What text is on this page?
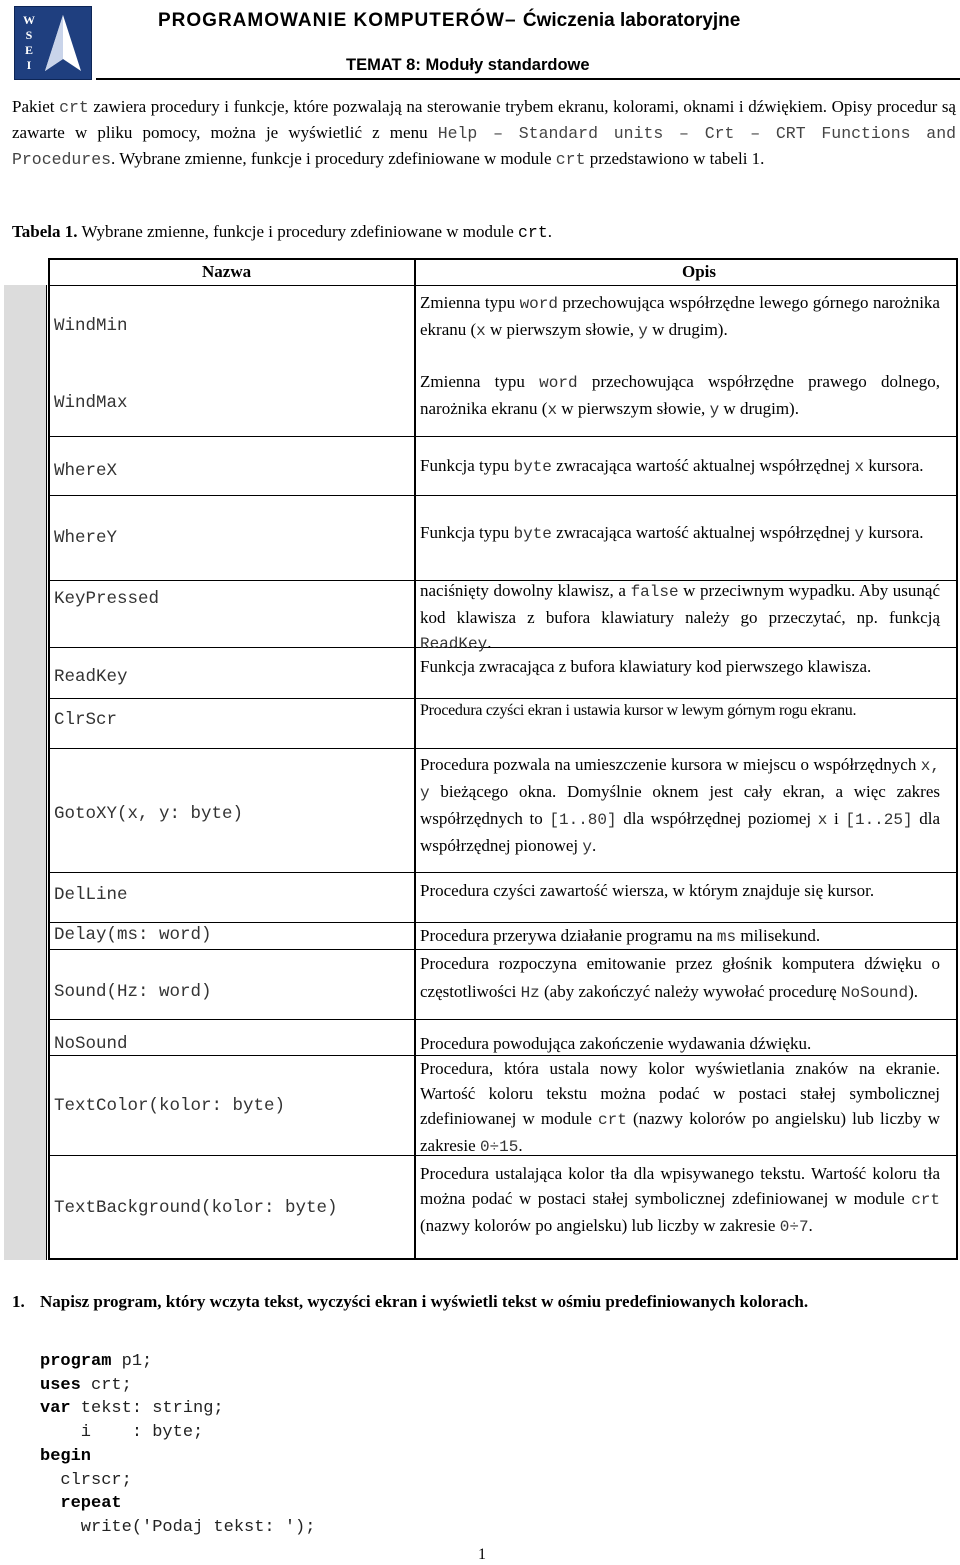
W
S
E
I
PROGRAMOWANIE KOMPUTERÓW– Ćwiczenia laboratoryjne
TEMAT 8: Moduły standardowe
Pakiet crt zawiera procedury i funkcje, które pozwalają na sterowanie trybem ekranu, kolorami, oknami i dźwiękiem. Opisy procedur są zawarte w pliku pomocy, można je wyświetlić z menu Help – Standard units – Crt – CRT Functions and Procedures. Wybrane zmienne, funkcje i procedury zdefiniowane w module crt przedstawiono w tabeli 1.
Tabela 1. Wybrane zmienne, funkcje i procedury zdefiniowane w module crt.
Nazwa	Opis
WindMin
WindMax
WhereX
WhereY
KeyPressed
ReadKey
ClrScr
GotoXY(x, y: byte)
DelLine
Delay(ms: word)
Sound(Hz: word)
NoSound
TextColor(kolor: byte)
TextBackground(kolor: byte)
Zmienna typu word przechowująca współrzędne lewego górnego narożnika ekranu (x w pierwszym słowie, y w drugim).
Zmienna typu word przechowująca współrzędne prawego dolnego, narożnika ekranu (x w pierwszym słowie, y w drugim).
Funkcja typu byte zwracająca wartość aktualnej współrzędnej x kursora.
Funkcja typu byte zwracająca wartość aktualnej współrzędnej y kursora.
naciśnięty dowolny klawisz, a false w przeciwnym wypadku. Aby usunąć kod klawisza z bufora klawiatury należy go przeczytać, np. funkcją ReadKey.
Funkcja zwracająca z bufora klawiatury kod pierwszego klawisza.
Procedura czyści ekran i ustawia kursor w lewym górnym rogu ekranu.
Procedura pozwala na umieszczenie kursora w miejscu o współrzędnych x, y bieżącego okna. Domyślnie oknem jest cały ekran, a więc zakres współrzędnych to [1..80] dla współrzędnej poziomej x i [1..25] dla współrzędnej pionowej y.
Procedura czyści zawartość wiersza, w którym znajduje się kursor.
Procedura przerywa działanie programu na ms milisekund.
Procedura rozpoczyna emitowanie przez głośnik komputera dźwięku o częstotliwości Hz (aby zakończyć należy wywołać procedurę NoSound).
Procedura powodująca zakończenie wydawania dźwięku.
Procedura, która ustala nowy kolor wyświetlania znaków na ekranie. Wartość koloru tekstu można podać w postaci stałej symbolicznej zdefiniowanej w module crt (nazwy kolorów po angielsku) lub liczby w zakresie 0÷15.
Procedura ustalająca kolor tła dla wpisywanego tekstu. Wartość koloru tła można podać w postaci stałej symbolicznej zdefiniowanej w module crt (nazwy kolorów po angielsku) lub liczby w zakresie 0÷7.
1. Napisz program, który wczyta tekst, wyczyści ekran i wyświetli tekst w ośmiu predefiniowanych kolorach.
program p1;
uses crt;
var tekst: string;
i    : byte;
begin
clrscr;
repeat
write('Podaj tekst: ');
1
